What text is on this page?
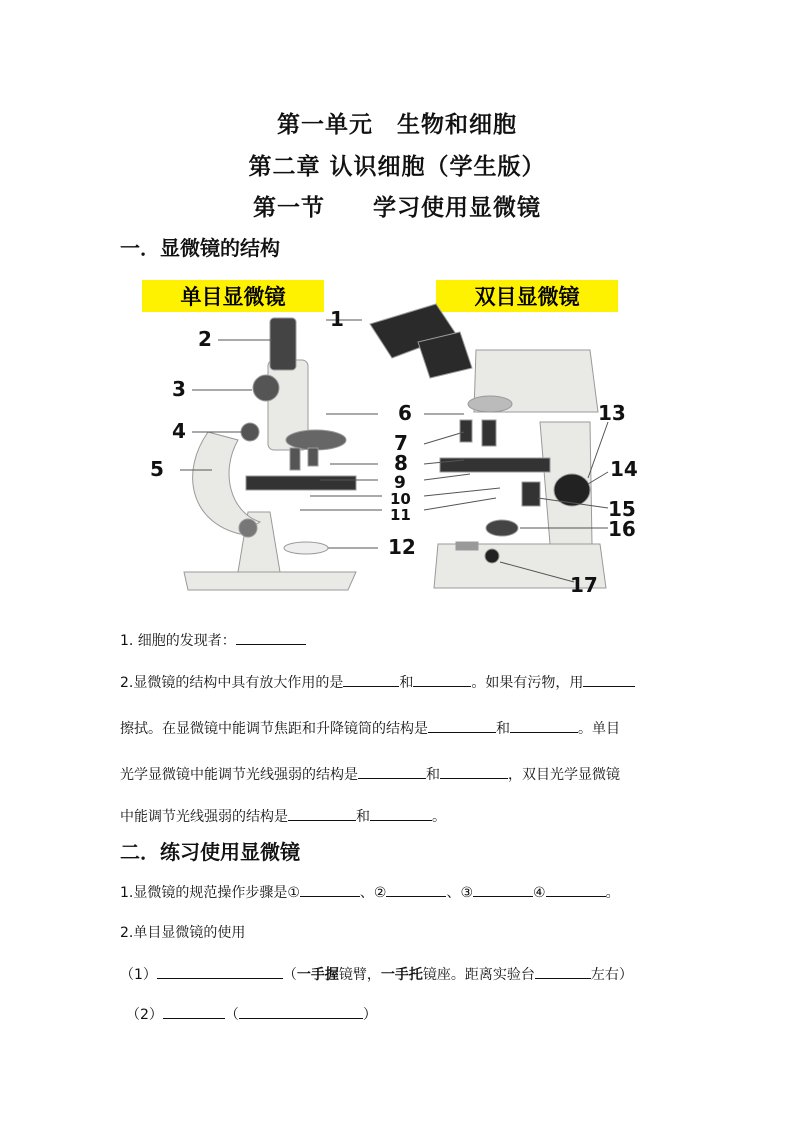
第一单元　生物和细胞
第二章 认识细胞（学生版）
第一节　　学习使用显微镜
一．显微镜的结构
单目显微镜	双目显微镜
1
2
3
4
5
6
7
8
9
10
11
12
13
14
15
16
17
1. 细胞的发现者：
2.显微镜的结构中具有放大作用的是	和	。如果有污物，用
擦拭。在显微镜中能调节焦距和升降镜筒的结构是	和	。单目
光学显微镜中能调节光线强弱的结构是	和	，双目光学显微镜
中能调节光线强弱的结构是	和	。
二．练习使用显微镜
1.显微镜的规范操作步骤是①	、②	、③	④	。
2.单目显微镜的使用
（1）	（一手握镜臂，一手托镜座。距离实验台	左右）
（2）	（	）
